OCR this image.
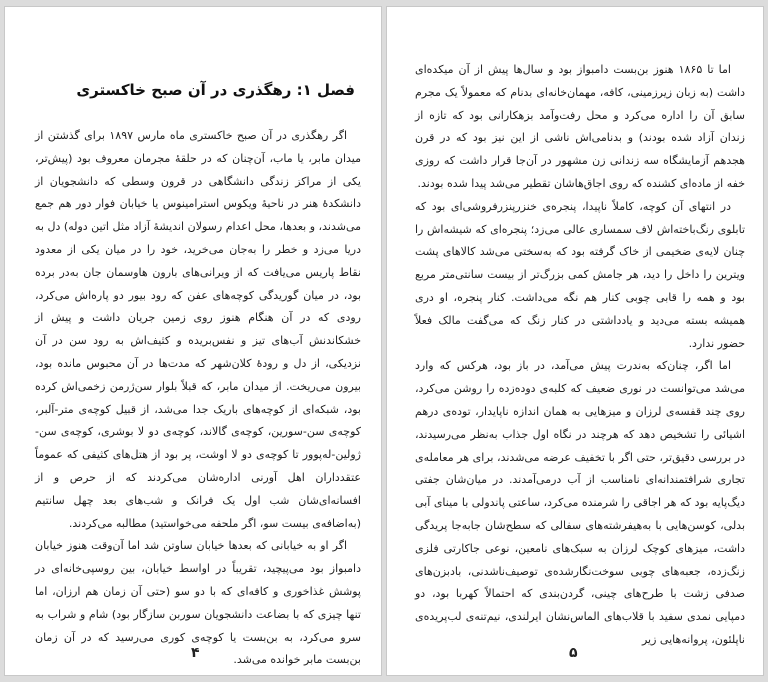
فصل ۱: رهگذری در آن صبح خاکستری

اگر رهگذری در آن صبح خاکستری ماه مارس ۱۸۹۷ برای گذشتن از میدان مابر، یا ماب، آن‌چنان که در حلقهٔ مجرمان معروف بود (پیش‌تر، یکی از مراکز زندگی دانشگاهی در قرون وسطی که دانشجویان از دانشکدهٔ هنر در ناحیهٔ ویکوس استرامینوس یا خیابان فوار دور هم جمع می‌شدند، و بعدها، محل اعدام رسولان اندیشهٔ آزاد مثل اتین دوله) دل به دریا می‌زد و خطر را به‌جان می‌خرید، خود را در میان یکی از معدود نقاط پاریس می‌یافت که از ویرانی‌های بارون هاوسمان جان به‌در برده بود، در میان گوریدگی کوچه‌های عفن که رود بیور دو پاره‌اش می‌کرد، رودی که در آن هنگام هنوز روی زمین جریان داشت و پیش از خشکاندنش آب‌های تیز و نفس‌بریده و کثیف‌اش به رود سن در آن نزدیکی، از دل و رودهٔ کلان‌شهر که مدت‌ها در آن محبوس مانده بود، بیرون می‌ریخت. از میدان مابر، که قبلاً بلوار سن‌ژرمن زخمی‌اش کرده بود، شبکه‌ای از کوچه‌های باریک جدا می‌شد، از قبیل کوچه‌ی متر-آلبر، کوچه‌ی سن-سورین، کوچه‌ی گالاند، کوچه‌ی دو لا بوشری، کوچه‌ی سن-ژولین-له‌پوور تا کوچه‌ی دو لا اوشت، پر بود از هتل‌های کثیفی که عموماً عتقدداران اهل آورنی اداره‌شان می‌کردند که از حرص و از افسانه‌ای‌شان شب اول یک فرانک و شب‌های بعد چهل سانتیم (به‌اضافه‌ی بیست سو، اگر ملحفه می‌خواستید) مطالبه می‌کردند.

اگر او به خیابانی که بعدها خیابان ساوتن شد اما آن‌وقت هنوز خیابان دامبواز بود می‌پیچید، تقریباً در اواسط خیابان، بین روسپی‌خانه‌ای در پوشش غذاخوری و کافه‌ای که با دو سو (حتی آن زمان هم ارزان، اما تنها چیزی که با بضاعت دانشجویان سوربن سازگار بود) شام و شراب به سرو می‌کرد، به بن‌بست یا کوچه‌ی کوری می‌رسید که در آن زمان بن‌بست مابر خوانده می‌شد.

۴

اما تا ۱۸۶۵ هنوز بن‌بست دامبواز بود و سال‌ها پیش از آن میکده‌ای داشت (به زبان زیرزمینی، کافه، مهمان‌خانه‌ای بدنام که معمولاً یک مجرم سابق آن را اداره می‌کرد و محل رفت‌وآمد بزهکارانی بود که تازه از زندان آزاد شده بودند) و بدنامی‌اش ناشی از این نیز بود که در قرن هجدهم آزمایشگاه سه زندانی زن مشهور در آن‌جا قرار داشت که روزی خفه از ماده‌ای کشنده که روی اجاق‌هاشان تقطیر می‌شد پیدا شده بودند.

در انتهای آن کوچه، کاملاً ناپیدا، پنجره‌ی خنزرپنزرفروشی‌ای بود که تابلوی رنگ‌باخته‌اش لاف سمساری عالی می‌زد؛ پنجره‌ای که شیشه‌اش را چنان لایه‌ی ضخیمی از خاک گرفته بود که به‌سختی می‌شد کالاهای پشت ویترین را داخل را دید، هر جامش کمی بزرگ‌تر از بیست سانتی‌متر مربع بود و همه را قابی چوبی کنار هم نگه می‌داشت. کنار پنجره، او دری همیشه بسته می‌دید و یادداشتی در کنار زنگ که می‌گفت مالک فعلاً حضور ندارد.

اما اگر، چنان‌که به‌ندرت پیش می‌آمد، در باز بود، هرکس که وارد می‌شد می‌توانست در نوری ضعیف که کلبه‌ی دوده‌زده را روشن می‌کرد، روی چند قفسه‌ی لرزان و میزهایی به همان اندازه ناپایدار، توده‌ی درهم اشیائی را تشخیص دهد که هرچند در نگاه اول جذاب به‌نظر می‌رسیدند، در بررسی دقیق‌تر، حتی اگر با تخفیف عرضه می‌شدند، برای هر معامله‌ی تجاری شرافتمندانه‌ای نامناسب از آب درمی‌آمدند. در میان‌شان جفتی دیگ‌پایه بود که هر اجاقی را شرمنده می‌کرد، ساعتی پاندولی با مینای آبی بدلی، کوسن‌هایی با به‌هیفرشته‌های سفالی که سطح‌شان جابه‌جا پریدگی داشت، میزهای کوچک لرزان به سبک‌های نامعین، نوعی جاکارتی فلزی زنگ‌زده، جعبه‌های چوبی سوخت‌نگارشده‌ی توصیف‌ناشدنی، بادبزن‌های صدفی زشت با طرح‌های چینی، گردن‌بندی که احتمالاً کهربا بود، دو دمپایی نمدی سفید با قلاب‌های الماس‌نشان ایرلندی، نیم‌تنه‌ی لب‌پریده‌ی ناپلئون، پروانه‌هایی زیر

۵
